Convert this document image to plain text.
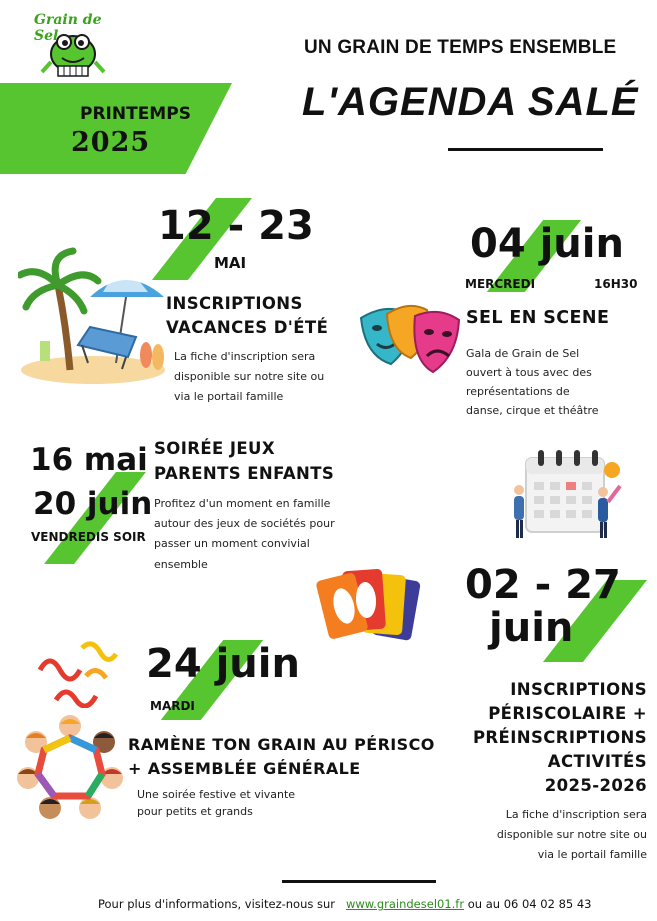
Grain de Sel
PRINTEMPS
2025
UN GRAIN DE TEMPS ENSEMBLE
L'AGENDA SALÉ
12 - 23
MAI
INSCRIPTIONS
VACANCES D'ÉTÉ
La fiche d'inscription sera
disponible sur notre site ou
via le portail famille
04 juin
MERCREDI	16H30
SEL EN SCENE
Gala de Grain de Sel
ouvert à tous avec des
représentations de
danse, cirque et théâtre
16 mai
20 juin
VENDREDIS SOIR
SOIRÉE JEUX
PARENTS ENFANTS
Profitez d'un moment en famille
autour des jeux de sociétés pour
passer un moment convivial
ensemble	02 - 27
juin
INSCRIPTIONS
PÉRISCOLAIRE +
PRÉINSCRIPTIONS
ACTIVITÉS
2025-2026
La fiche d'inscription sera
disponible sur notre site ou
via le portail famille
24 juin
MARDI
RAMÈNE TON GRAIN AU PÉRISCO
+ ASSEMBLÉE GÉNÉRALE
Une soirée festive et vivante
pour petits et grands
Pour plus d'informations, visitez-nous sur www.graindesel01.fr ou au 06 04 02 85 43
